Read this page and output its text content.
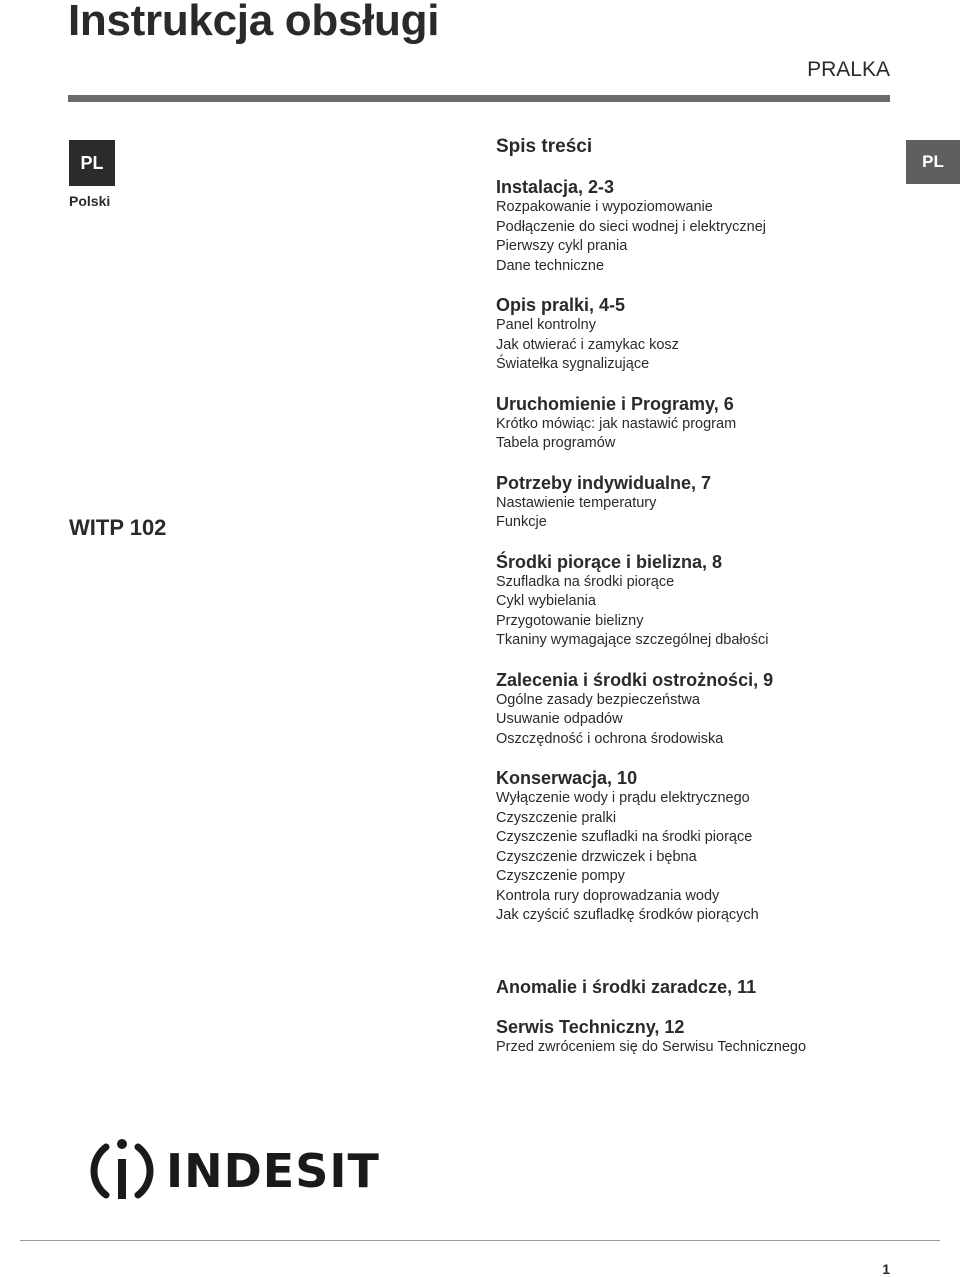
Instrukcja obsługi
PRALKA
PL
Polski
WITP 102
PL
Spis treści
Instalacja, 2-3
Rozpakowanie i wypoziomowanie
Podłączenie do sieci wodnej i elektrycznej
Pierwszy cykl prania
Dane techniczne
Opis pralki, 4-5
Panel kontrolny
Jak otwierać i zamykac kosz
Światełka sygnalizujące
Uruchomienie i Programy, 6
Krótko mówiąc: jak nastawić program
Tabela programów
Potrzeby indywidualne, 7
Nastawienie temperatury
Funkcje
Środki piorące i bielizna, 8
Szufladka na środki piorące
Cykl wybielania
Przygotowanie bielizny
Tkaniny wymagające szczególnej dbałości
Zalecenia i środki ostrożności, 9
Ogólne zasady bezpieczeństwa
Usuwanie odpadów
Oszczędność i ochrona środowiska
Konserwacja, 10
Wyłączenie wody i prądu elektrycznego
Czyszczenie pralki
Czyszczenie szufladki na środki piorące
Czyszczenie drzwiczek i bębna
Czyszczenie pompy
Kontrola rury doprowadzania wody
Jak czyścić szufladkę środków piorących
Anomalie i środki zaradcze, 11
Serwis Techniczny, 12
Przed zwróceniem się do Serwisu Technicznego
INDESIT
1
